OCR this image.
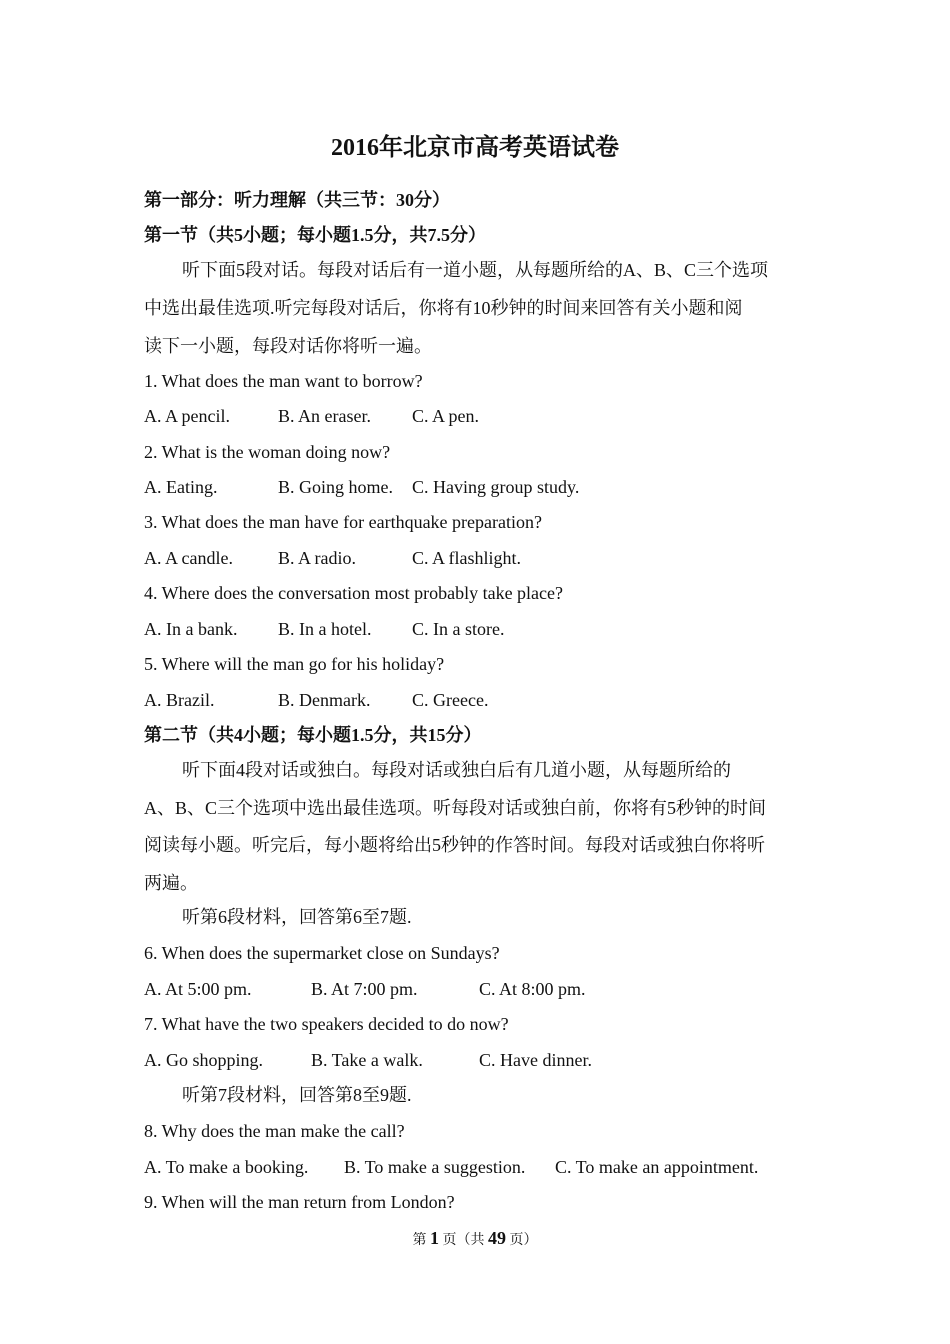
2016年北京市高考英语试卷
第一部分：听力理解（共三节：30分）
第一节（共5小题；每小题1.5分，共7.5分）
听下面5段对话。每段对话后有一道小题，从每题所给的A、B、C三个选项
中选出最佳选项.听完每段对话后，你将有10秒钟的时间来回答有关小题和阅
读下一小题，每段对话你将听一遍。
1. What does the man want to borrow?
A. A pencil.	B. An eraser. C. A pen.
2. What is the woman doing now?
A. Eating.	B. Going home. C. Having group study.
3. What does the man have for earthquake preparation?
A. A candle.	B. A radio.	C. A flashlight.
4. Where does the conversation most probably take place?
A. In a bank. B. In a hotel. C. In a store.
5. Where will the man go for his holiday?
A. Brazil.	B. Denmark. C. Greece.
第二节（共4小题；每小题1.5分，共15分）
听下面4段对话或独白。每段对话或独白后有几道小题，从每题所给的
A、B、C三个选项中选出最佳选项。听每段对话或独白前，你将有5秒钟的时间
阅读每小题。听完后，每小题将给出5秒钟的作答时间。每段对话或独白你将听
两遍。
听第6段材料，回答第6至7题.
6. When does the supermarket close on Sundays?
A. At 5:00 pm.	B. At 7:00 pm.	C. At 8:00 pm.
7. What have the two speakers decided to do now?
A. Go shopping.	B. Take a walk.	C. Have dinner.
听第7段材料，回答第8至9题.
8. Why does the man make the call?
A. To make a booking. B. To make a suggestion. C. To make an appointment.
9. When will the man return from London?
第 1 页（共 49 页）
